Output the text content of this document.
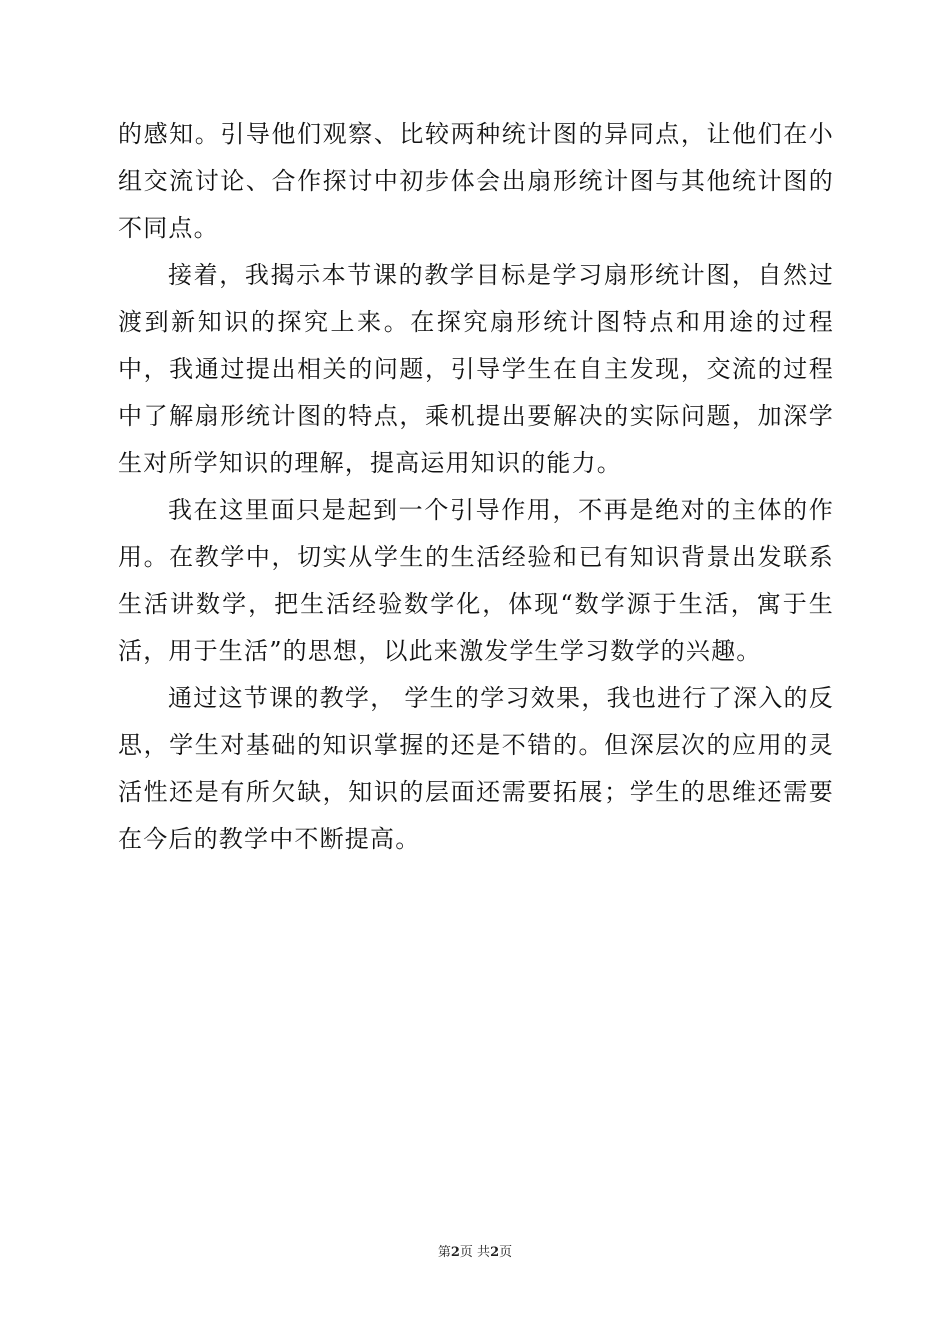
的感知。引导他们观察、比较两种统计图的异同点，让他们在小组交流讨论、合作探讨中初步体会出扇形统计图与其他统计图的不同点。

接着，我揭示本节课的教学目标是学习扇形统计图，自然过渡到新知识的探究上来。在探究扇形统计图特点和用途的过程中，我通过提出相关的问题，引导学生在自主发现，交流的过程中了解扇形统计图的特点，乘机提出要解决的实际问题，加深学生对所学知识的理解，提高运用知识的能力。

我在这里面只是起到一个引导作用，不再是绝对的主体的作用。在教学中，切实从学生的生活经验和已有知识背景出发联系生活讲数学，把生活经验数学化，体现“数学源于生活，寓于生活，用于生活”的思想，以此来激发学生学习数学的兴趣。

通过这节课的教学， 学生的学习效果，我也进行了深入的反思，学生对基础的知识掌握的还是不错的。但深层次的应用的灵活性还是有所欠缺，知识的层面还需要拓展；学生的思维还需要在今后的教学中不断提高。

第2页 共2页
